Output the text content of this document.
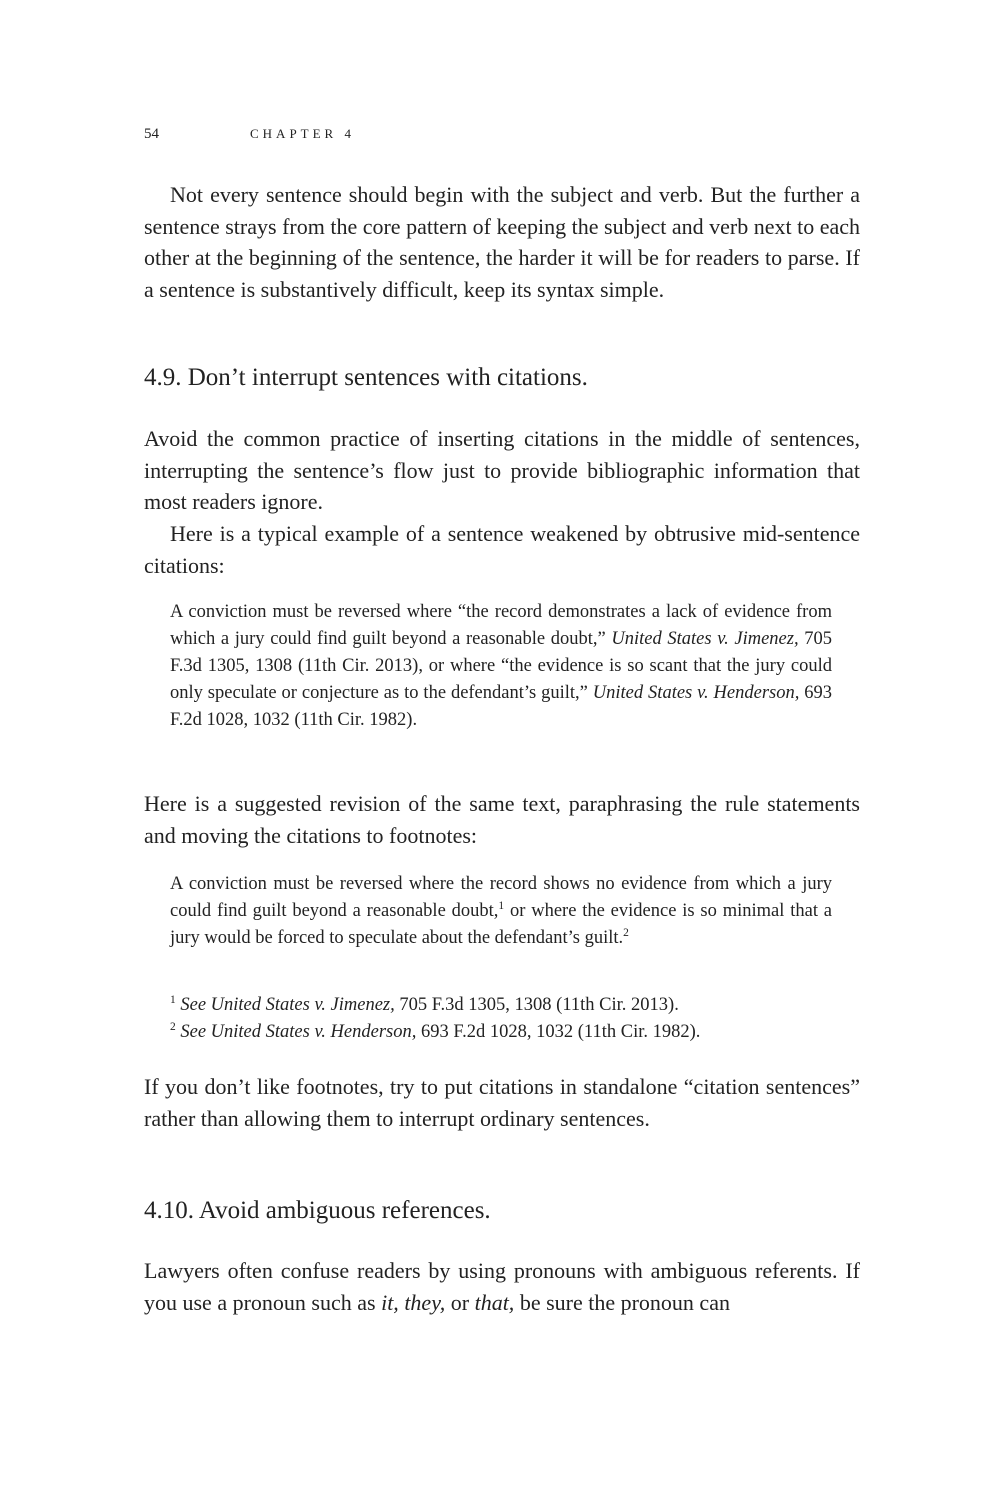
54	CHAPTER 4

Not every sentence should begin with the subject and verb. But the further a sentence strays from the core pattern of keeping the subject and verb next to each other at the beginning of the sentence, the harder it will be for readers to parse. If a sentence is substantively difficult, keep its syntax simple.

4.9. Don’t interrupt sentences with citations.

Avoid the common practice of inserting citations in the middle of sentences, interrupting the sentence’s flow just to provide bibliographic information that most readers ignore.

Here is a typical example of a sentence weakened by obtrusive mid-sentence citations:

A conviction must be reversed where “the record demonstrates a lack of evidence from which a jury could find guilt beyond a reasonable doubt,” United States v. Jimenez, 705 F.3d 1305, 1308 (11th Cir. 2013), or where “the evidence is so scant that the jury could only speculate or conjecture as to the defendant’s guilt,” United States v. Henderson, 693 F.2d 1028, 1032 (11th Cir. 1982).

Here is a suggested revision of the same text, paraphrasing the rule statements and moving the citations to footnotes:

A conviction must be reversed where the record shows no evidence from which a jury could find guilt beyond a reasonable doubt,$^1$ or where the evidence is so minimal that a jury would be forced to speculate about the defendant’s guilt.$^2$

$^1$ See United States v. Jimenez, 705 F.3d 1305, 1308 (11th Cir. 2013).
$^2$ See United States v. Henderson, 693 F.2d 1028, 1032 (11th Cir. 1982).

If you don’t like footnotes, try to put citations in standalone “citation sentences” rather than allowing them to interrupt ordinary sentences.

4.10. Avoid ambiguous references.

Lawyers often confuse readers by using pronouns with ambiguous referents. If you use a pronoun such as it, they, or that, be sure the pronoun can
